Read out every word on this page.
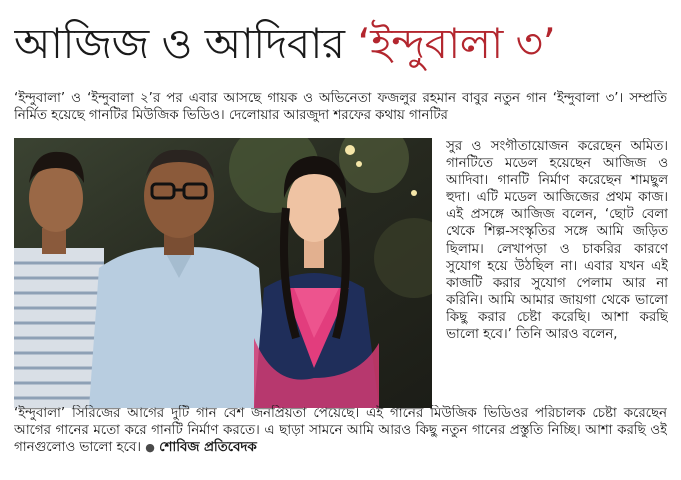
আজিজ ও আদিবার ‘ইন্দুবালা ৩’
‘ইন্দুবালা’ ও ‘ইন্দুবালা ২’র পর এবার আসছে গায়ক ও অভিনেতা ফজলুর রহমান বাবুর নতুন গান ‘ইন্দুবালা ৩’। সম্প্রতি নির্মিত হয়েছে গানটির মিউজিক ভিডিও। দেলোয়ার আরজুদা শরফের কথায় গানটির
সুর ও সংগীতায়োজন করেছেন অমিত। গানটিতে মডেল হয়েছেন আজিজ ও আদিবা। গানটি নির্মাণ করেছেন শামছুল হুদা। এটি মডেল আজিজের প্রথম কাজ। এই প্রসঙ্গে আজিজ বলেন, ‘ছোট বেলা থেকে শিল্প-সংস্কৃতির সঙ্গে আমি জড়িত ছিলাম। লেখাপড়া ও চাকরির কারণে সুযোগ হয়ে উঠছিল না। এবার যখন এই কাজটি করার সুযোগ পেলাম আর না করিনি। আমি আমার জায়গা থেকে ভালো কিছু করার চেষ্টা করেছি। আশা করছি ভালো হবে।’ তিনি আরও বলেন,
‘ইন্দুবালা’ সিরিজের আগের দুটি গান বেশ জনপ্রিয়তা পেয়েছে। এই গানের মিউজিক ভিডিওর পরিচালক চেষ্টা করেছেন আগের গানের মতো করে গানটি নির্মাণ করতে। এ ছাড়া সামনে আমি আরও কিছু নতুন গানের প্রস্তুতি নিচ্ছি। আশা করছি ওই গানগুলোও ভালো হবে। ● শোবিজ প্রতিবেদক
